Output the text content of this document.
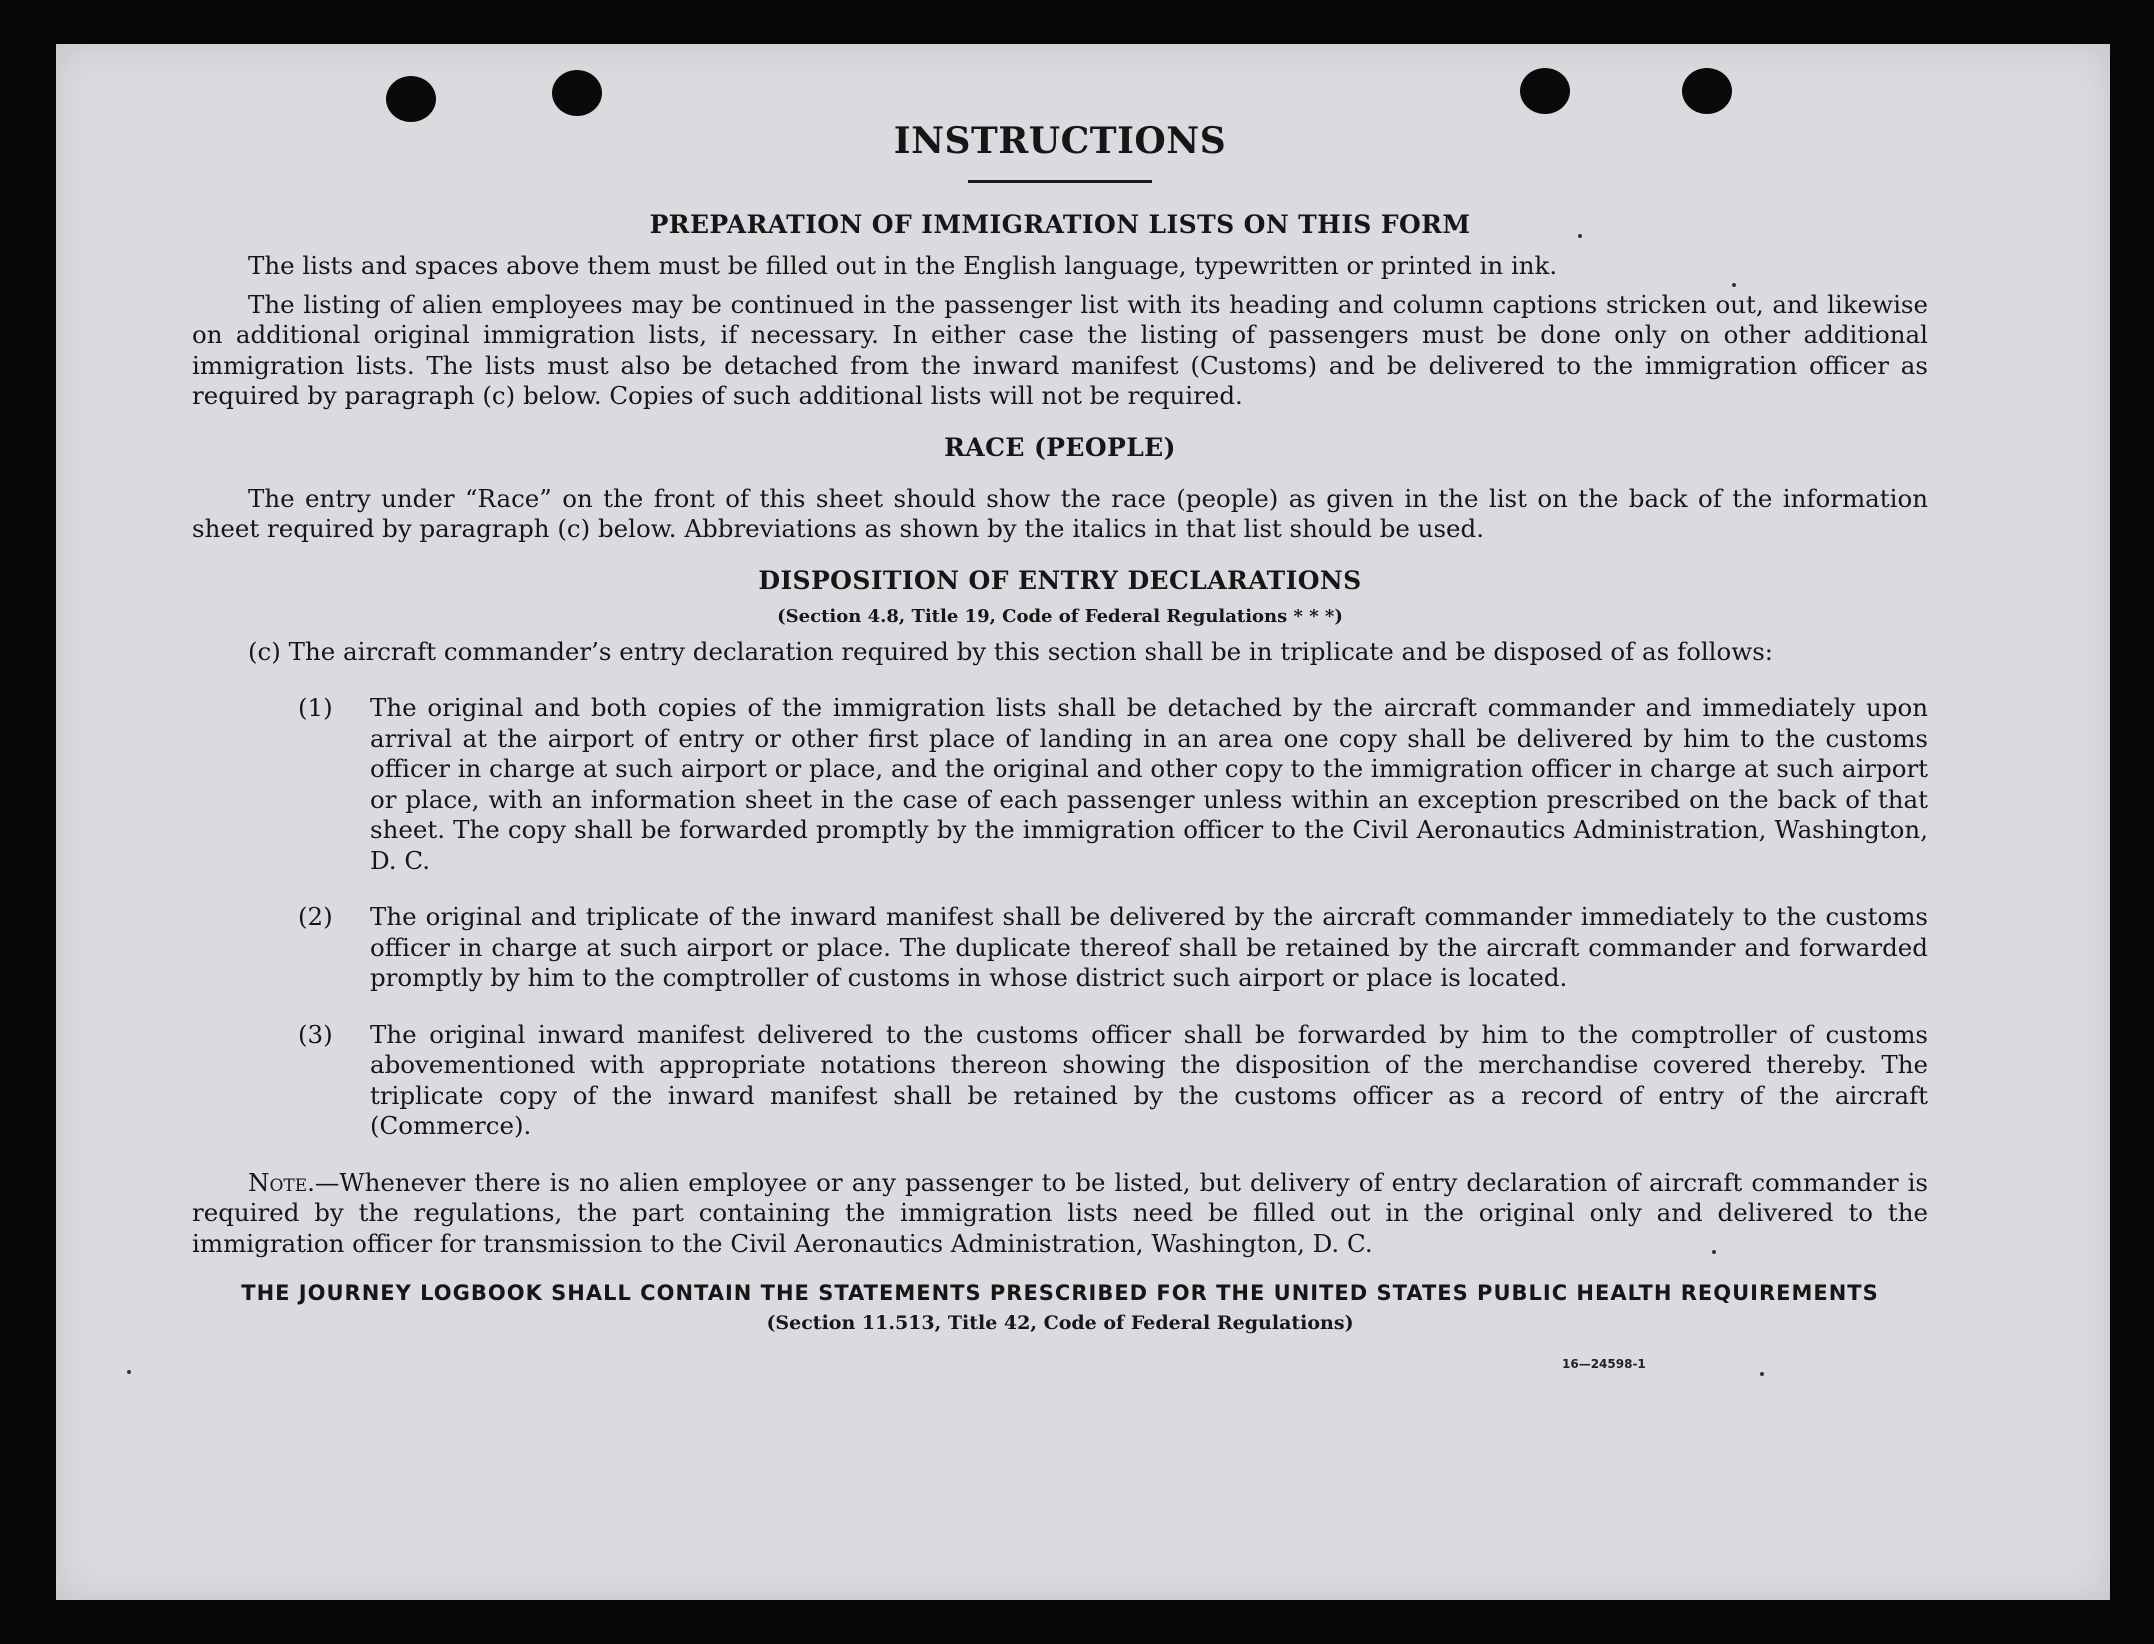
INSTRUCTIONS
PREPARATION OF IMMIGRATION LISTS ON THIS FORM

The lists and spaces above them must be filled out in the English language, typewritten or printed in ink.

The listing of alien employees may be continued in the passenger list with its heading and column captions stricken out, and likewise on additional original immigration lists, if necessary. In either case the listing of passengers must be done only on other additional immigration lists. The lists must also be detached from the inward manifest (Customs) and be delivered to the immigration officer as required by paragraph (c) below. Copies of such additional lists will not be required.

RACE (PEOPLE)

The entry under “Race” on the front of this sheet should show the race (people) as given in the list on the back of the information sheet required by paragraph (c) below. Abbreviations as shown by the italics in that list should be used.

DISPOSITION OF ENTRY DECLARATIONS
(Section 4.8, Title 19, Code of Federal Regulations * * *)

(c) The aircraft commander’s entry declaration required by this section shall be in triplicate and be disposed of as follows:

(1) The original and both copies of the immigration lists shall be detached by the aircraft commander and immediately upon arrival at the airport of entry or other first place of landing in an area one copy shall be delivered by him to the customs officer in charge at such airport or place, and the original and other copy to the immigration officer in charge at such airport or place, with an information sheet in the case of each passenger unless within an exception prescribed on the back of that sheet. The copy shall be forwarded promptly by the immigration officer to the Civil Aeronautics Administration, Washington, D. C.

(2) The original and triplicate of the inward manifest shall be delivered by the aircraft commander immediately to the customs officer in charge at such airport or place. The duplicate thereof shall be retained by the aircraft commander and forwarded promptly by him to the comptroller of customs in whose district such airport or place is located.

(3) The original inward manifest delivered to the customs officer shall be forwarded by him to the comptroller of customs abovementioned with appropriate notations thereon showing the disposition of the merchandise covered thereby. The triplicate copy of the inward manifest shall be retained by the customs officer as a record of entry of the aircraft (Commerce).

Note.—Whenever there is no alien employee or any passenger to be listed, but delivery of entry declaration of aircraft commander is required by the regulations, the part containing the immigration lists need be filled out in the original only and delivered to the immigration officer for transmission to the Civil Aeronautics Administration, Washington, D. C.

THE JOURNEY LOGBOOK SHALL CONTAIN THE STATEMENTS PRESCRIBED FOR THE UNITED STATES PUBLIC HEALTH REQUIREMENTS
(Section 11.513, Title 42, Code of Federal Regulations)
16—24598-1
